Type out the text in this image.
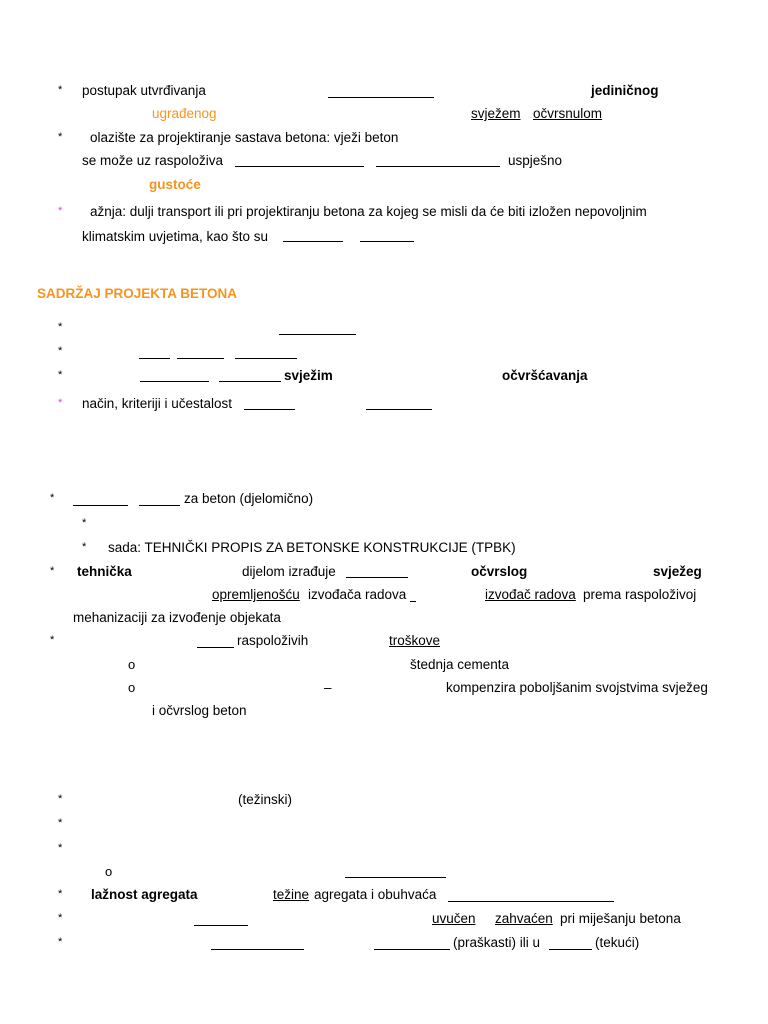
* postupak utvrđivanja	jediničnog
ugrađenog	svježem očvrsnulom
* olazište za projektiranje sastava betona: vježi beton
se može uz raspoloživa	uspješno
gustoće
* ažnja: dulji transport ili pri projektiranju betona za kojeg se misli da će biti izložen nepovoljnim
klimatskim uvjetima, kao što su
SADRŽAJ PROJEKTA BETONA
*
*
*	svježim	očvršćavanja
* način, kriteriji i učestalost
*	za beton (djelomično)
*
* sada: TEHNIČKI PROPIS ZA BETONSKE KONSTRUKCIJE (TPBK)
* tehnička	dijelom izrađuje	očvrslog	svježeg
opremljenošću izvođača radova	izvođač radova prema raspoloživoj
mehanizaciji za izvođenje objekata
*	raspoloživih	troškove
o	štednja cementa
o	–	kompenzira poboljšanim svojstvima svježeg
i očvrslog beton
*	(težinski)
*
*
o
* lažnost agregata	težine agregata i obuhvaća
*	uvučen zahvaćen pri miješanju betona
*	(praškasti) ili u	(tekući)
